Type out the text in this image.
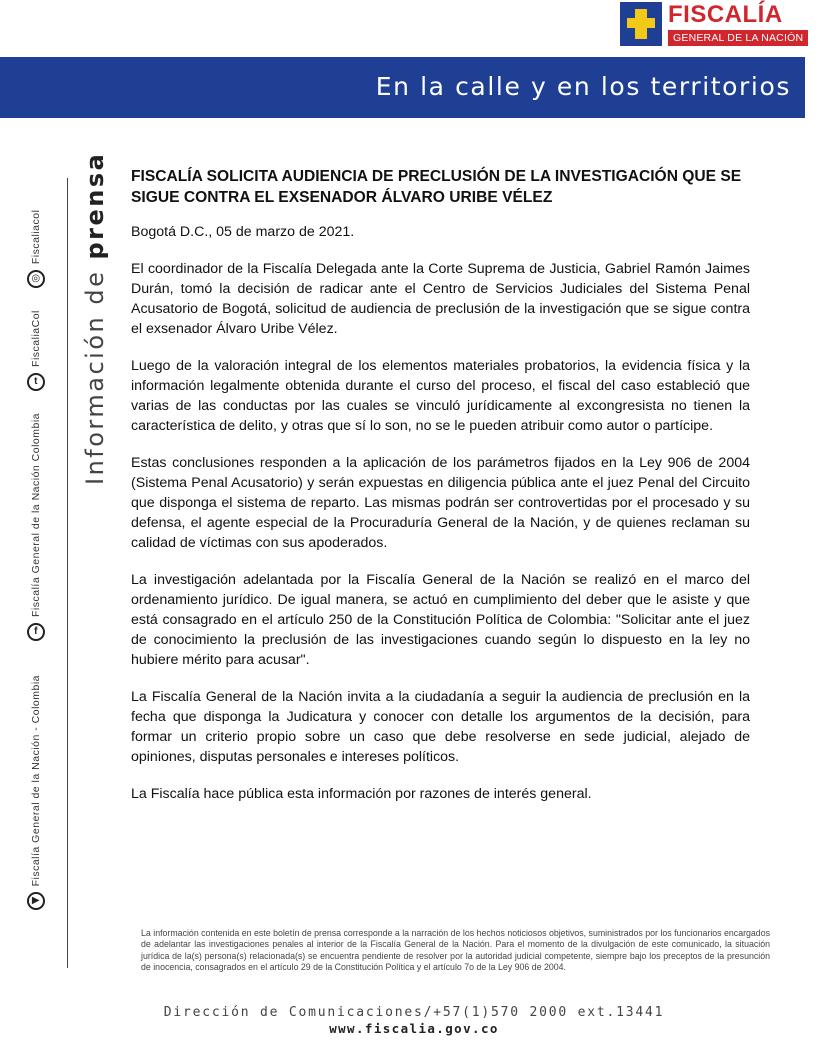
FISCALÍA
GENERAL DE LA NACIÓN
En la calle y en los territorios
▶
Fiscalía General de la Nación - Colombia
f
Fiscalía General de la Nación Colombia
t
FiscaliaCol
◎
Fiscaliacol
Información de prensa FISCALÍA SOLICITA AUDIENCIA DE PRECLUSIÓN DE LA INVESTIGACIÓN QUE SE SIGUE CONTRA EL EXSENADOR ÁLVARO URIBE VÉLEZ

Bogotá D.C., 05 de marzo de 2021.

El coordinador de la Fiscalía Delegada ante la Corte Suprema de Justicia, Gabriel Ramón Jaimes Durán, tomó la decisión de radicar ante el Centro de Servicios Judiciales del Sistema Penal Acusatorio de Bogotá, solicitud de audiencia de preclusión de la investigación que se sigue contra el exsenador Álvaro Uribe Vélez.

Luego de la valoración integral de los elementos materiales probatorios, la evidencia física y la información legalmente obtenida durante el curso del proceso, el fiscal del caso estableció que varias de las conductas por las cuales se vinculó jurídicamente al excongresista no tienen la característica de delito, y otras que sí lo son, no se le pueden atribuir como autor o partícipe.

Estas conclusiones responden a la aplicación de los parámetros fijados en la Ley 906 de 2004 (Sistema Penal Acusatorio) y serán expuestas en diligencia pública ante el juez Penal del Circuito que disponga el sistema de reparto. Las mismas podrán ser controvertidas por el procesado y su defensa, el agente especial de la Procuraduría General de la Nación, y de quienes reclaman su calidad de víctimas con sus apoderados.

La investigación adelantada por la Fiscalía General de la Nación se realizó en el marco del ordenamiento jurídico. De igual manera, se actuó en cumplimiento del deber que le asiste y que está consagrado en el artículo 250 de la Constitución Política de Colombia: "Solicitar ante el juez de conocimiento la preclusión de las investigaciones cuando según lo dispuesto en la ley no hubiere mérito para acusar".

La Fiscalía General de la Nación invita a la ciudadanía a seguir la audiencia de preclusión en la fecha que disponga la Judicatura y conocer con detalle los argumentos de la decisión, para formar un criterio propio sobre un caso que debe resolverse en sede judicial, alejado de opiniones, disputas personales e intereses políticos.

La Fiscalía hace pública esta información por razones de interés general.

La información contenida en este boletín de prensa corresponde a la narración de los hechos noticiosos objetivos, suministrados por los funcionarios encargados de adelantar las investigaciones penales al interior de la Fiscalía General de la Nación. Para el momento de la divulgación de este comunicado, la situación jurídica de la(s) persona(s) relacionada(s) se encuentra pendiente de resolver por la autoridad judicial competente, siempre bajo los preceptos de la presunción de inocencia, consagrados en el artículo 29 de la Constitución Política y el artículo 7o de la Ley 906 de 2004.
Dirección de Comunicaciones/+57(1)570 2000 ext.13441
www.fiscalia.gov.co
